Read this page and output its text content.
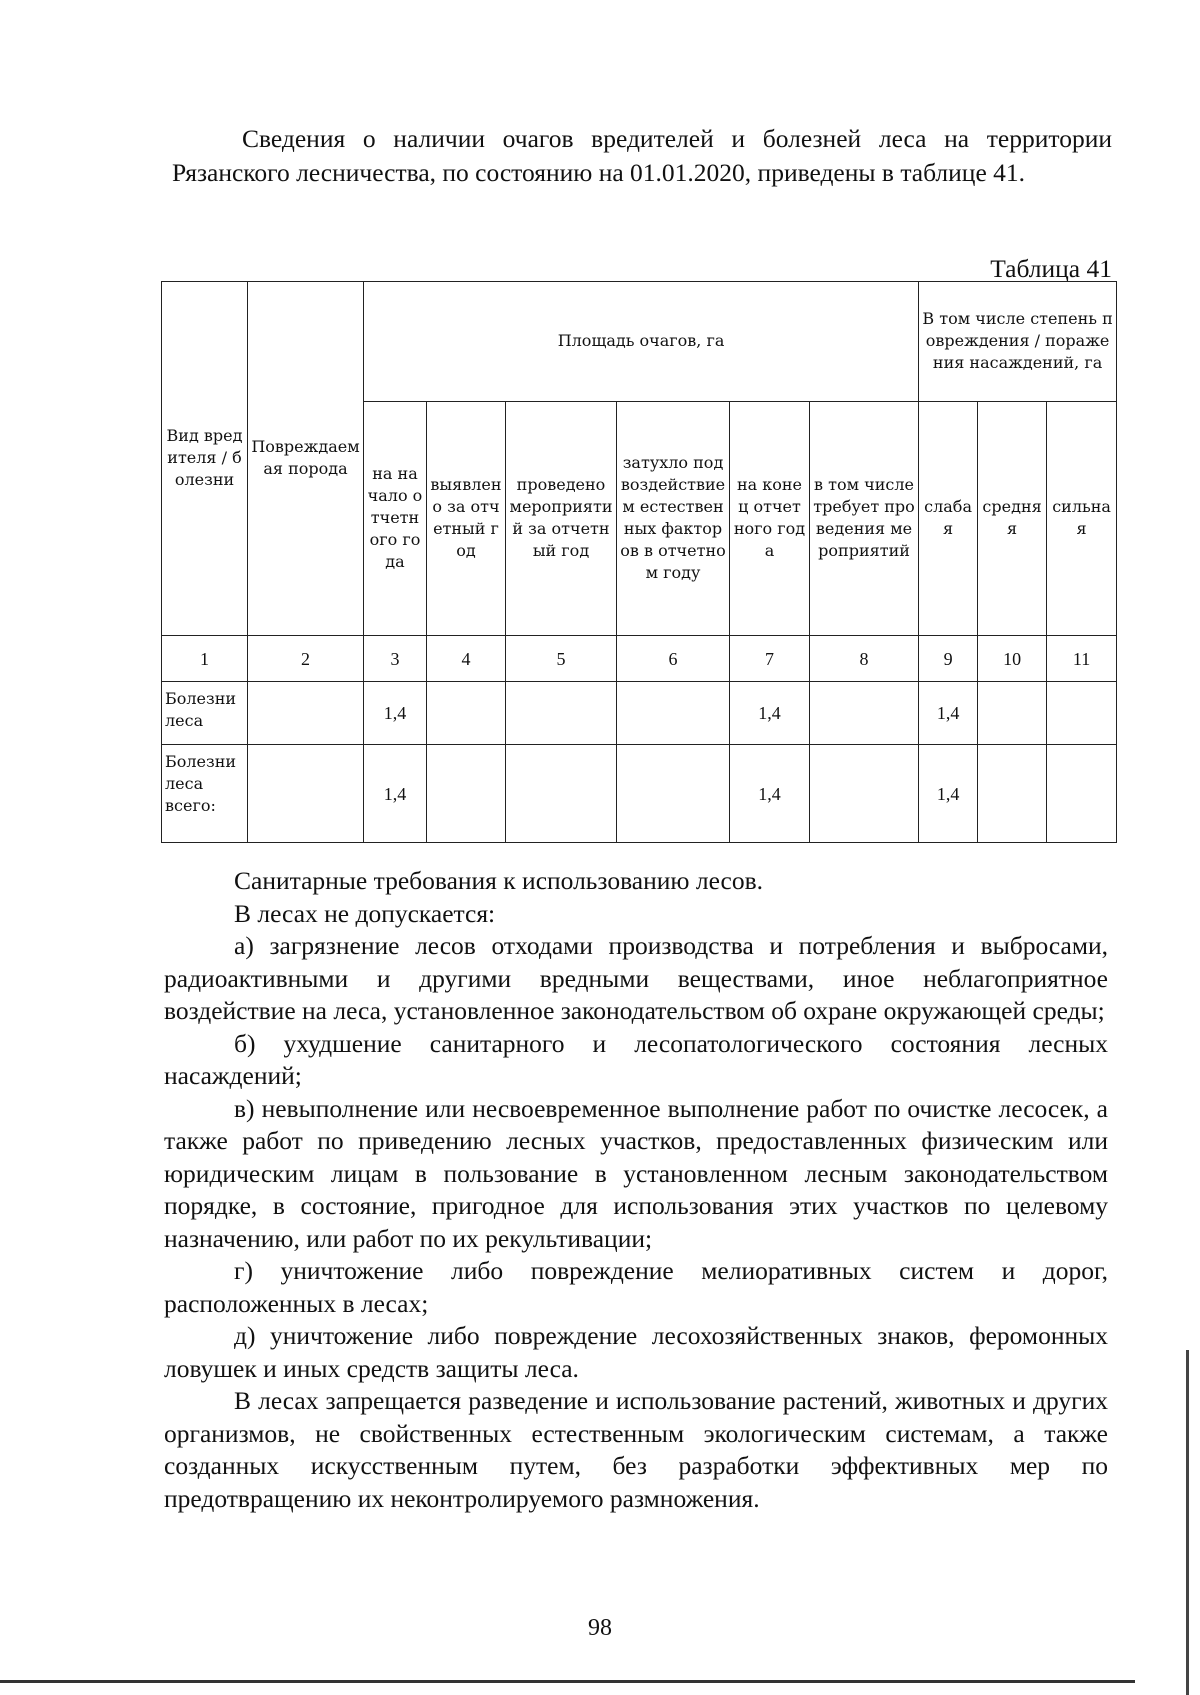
Сведения о наличии очагов вредителей и болезней леса на территории Рязанского лесничества, по состоянию на 01.01.2020, приведены в таблице 41.
Таблица 41
Вид вредителя / болезни	Повреждаемая порода	Площадь очагов, га						В том числе степень повреждения / поражения насаждений, га		
		на начало отчетного года	выявлено за отчетный год	проведено мероприятий за отчетный год	затухло под воздействием естественных факторов в отчетном году	на конец отчетного года	в том числе требует проведения мероприятий	слабая	средняя	сильная
1	2	3	4	5	6	7	8	9	10	11
Болезни леса		1,4				1,4		1,4		
Болезни леса всего:		1,4				1,4		1,4		

Санитарные требования к использованию лесов.

В лесах не допускается:

а) загрязнение лесов отходами производства и потребления и выбросами, радиоактивными и другими вредными веществами, иное неблагоприятное воздействие на леса, установленное законодательством об охране окружающей среды;

б) ухудшение санитарного и лесопатологического состояния лесных насаждений;

в) невыполнение или несвоевременное выполнение работ по очистке лесосек, а также работ по приведению лесных участков, предоставленных физическим или юридическим лицам в пользование в установленном лесным законодательством порядке, в состояние, пригодное для использования этих участков по целевому назначению, или работ по их рекультивации;

г) уничтожение либо повреждение мелиоративных систем и дорог, расположенных в лесах;

д) уничтожение либо повреждение лесохозяйственных знаков, феромонных ловушек и иных средств защиты леса.

В лесах запрещается разведение и использование растений, животных и других организмов, не свойственных естественным экологическим системам, а также созданных искусственным путем, без разработки эффективных мер по предотвращению их неконтролируемого размножения.

98
